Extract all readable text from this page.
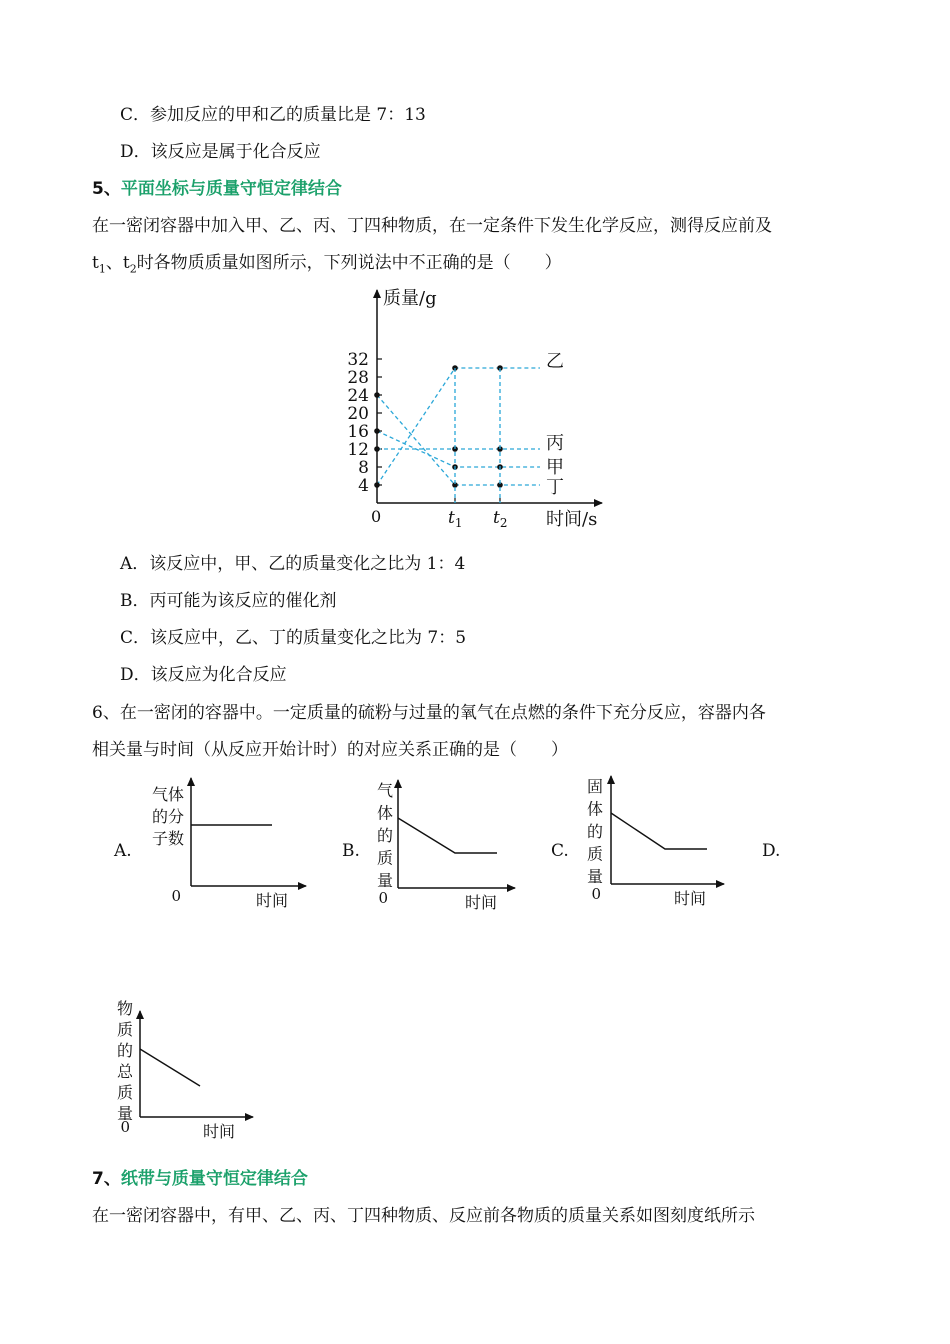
C．参加反应的甲和乙的质量比是 7：13
D．该反应是属于化合反应
5、平面坐标与质量守恒定律结合
在一密闭容器中加入甲、乙、丙、丁四种物质，在一定条件下发生化学反应，测得反应前及
$t_1$、$t_2$时各物质质量如图所示，下列说法中不正确的是（　　）
质量/g
时间/s
0
32
28
24
20
16
12
8
4
$t_1$ $t_2$
乙
丙
甲
丁
A．该反应中，甲、乙的质量变化之比为 1：4
B．丙可能为该反应的催化剂
C．该反应中，乙、丁的质量变化之比为 7：5
D．该反应为化合反应
6、在一密闭的容器中。一定质量的硫粉与过量的氧气在点燃的条件下充分反应，容器内各
相关量与时间（从反应开始计时）的对应关系正确的是（　　）
A.
0	时间
气体
的分
子数
B.
0	时间
气
体
的
质
量
C.
0	时间
固
体
的
质
量
D.
0	时间
物
质
的
总
质
量
7、纸带与质量守恒定律结合
在一密闭容器中，有甲、乙、丙、丁四种物质、反应前各物质的质量关系如图刻度纸所示
